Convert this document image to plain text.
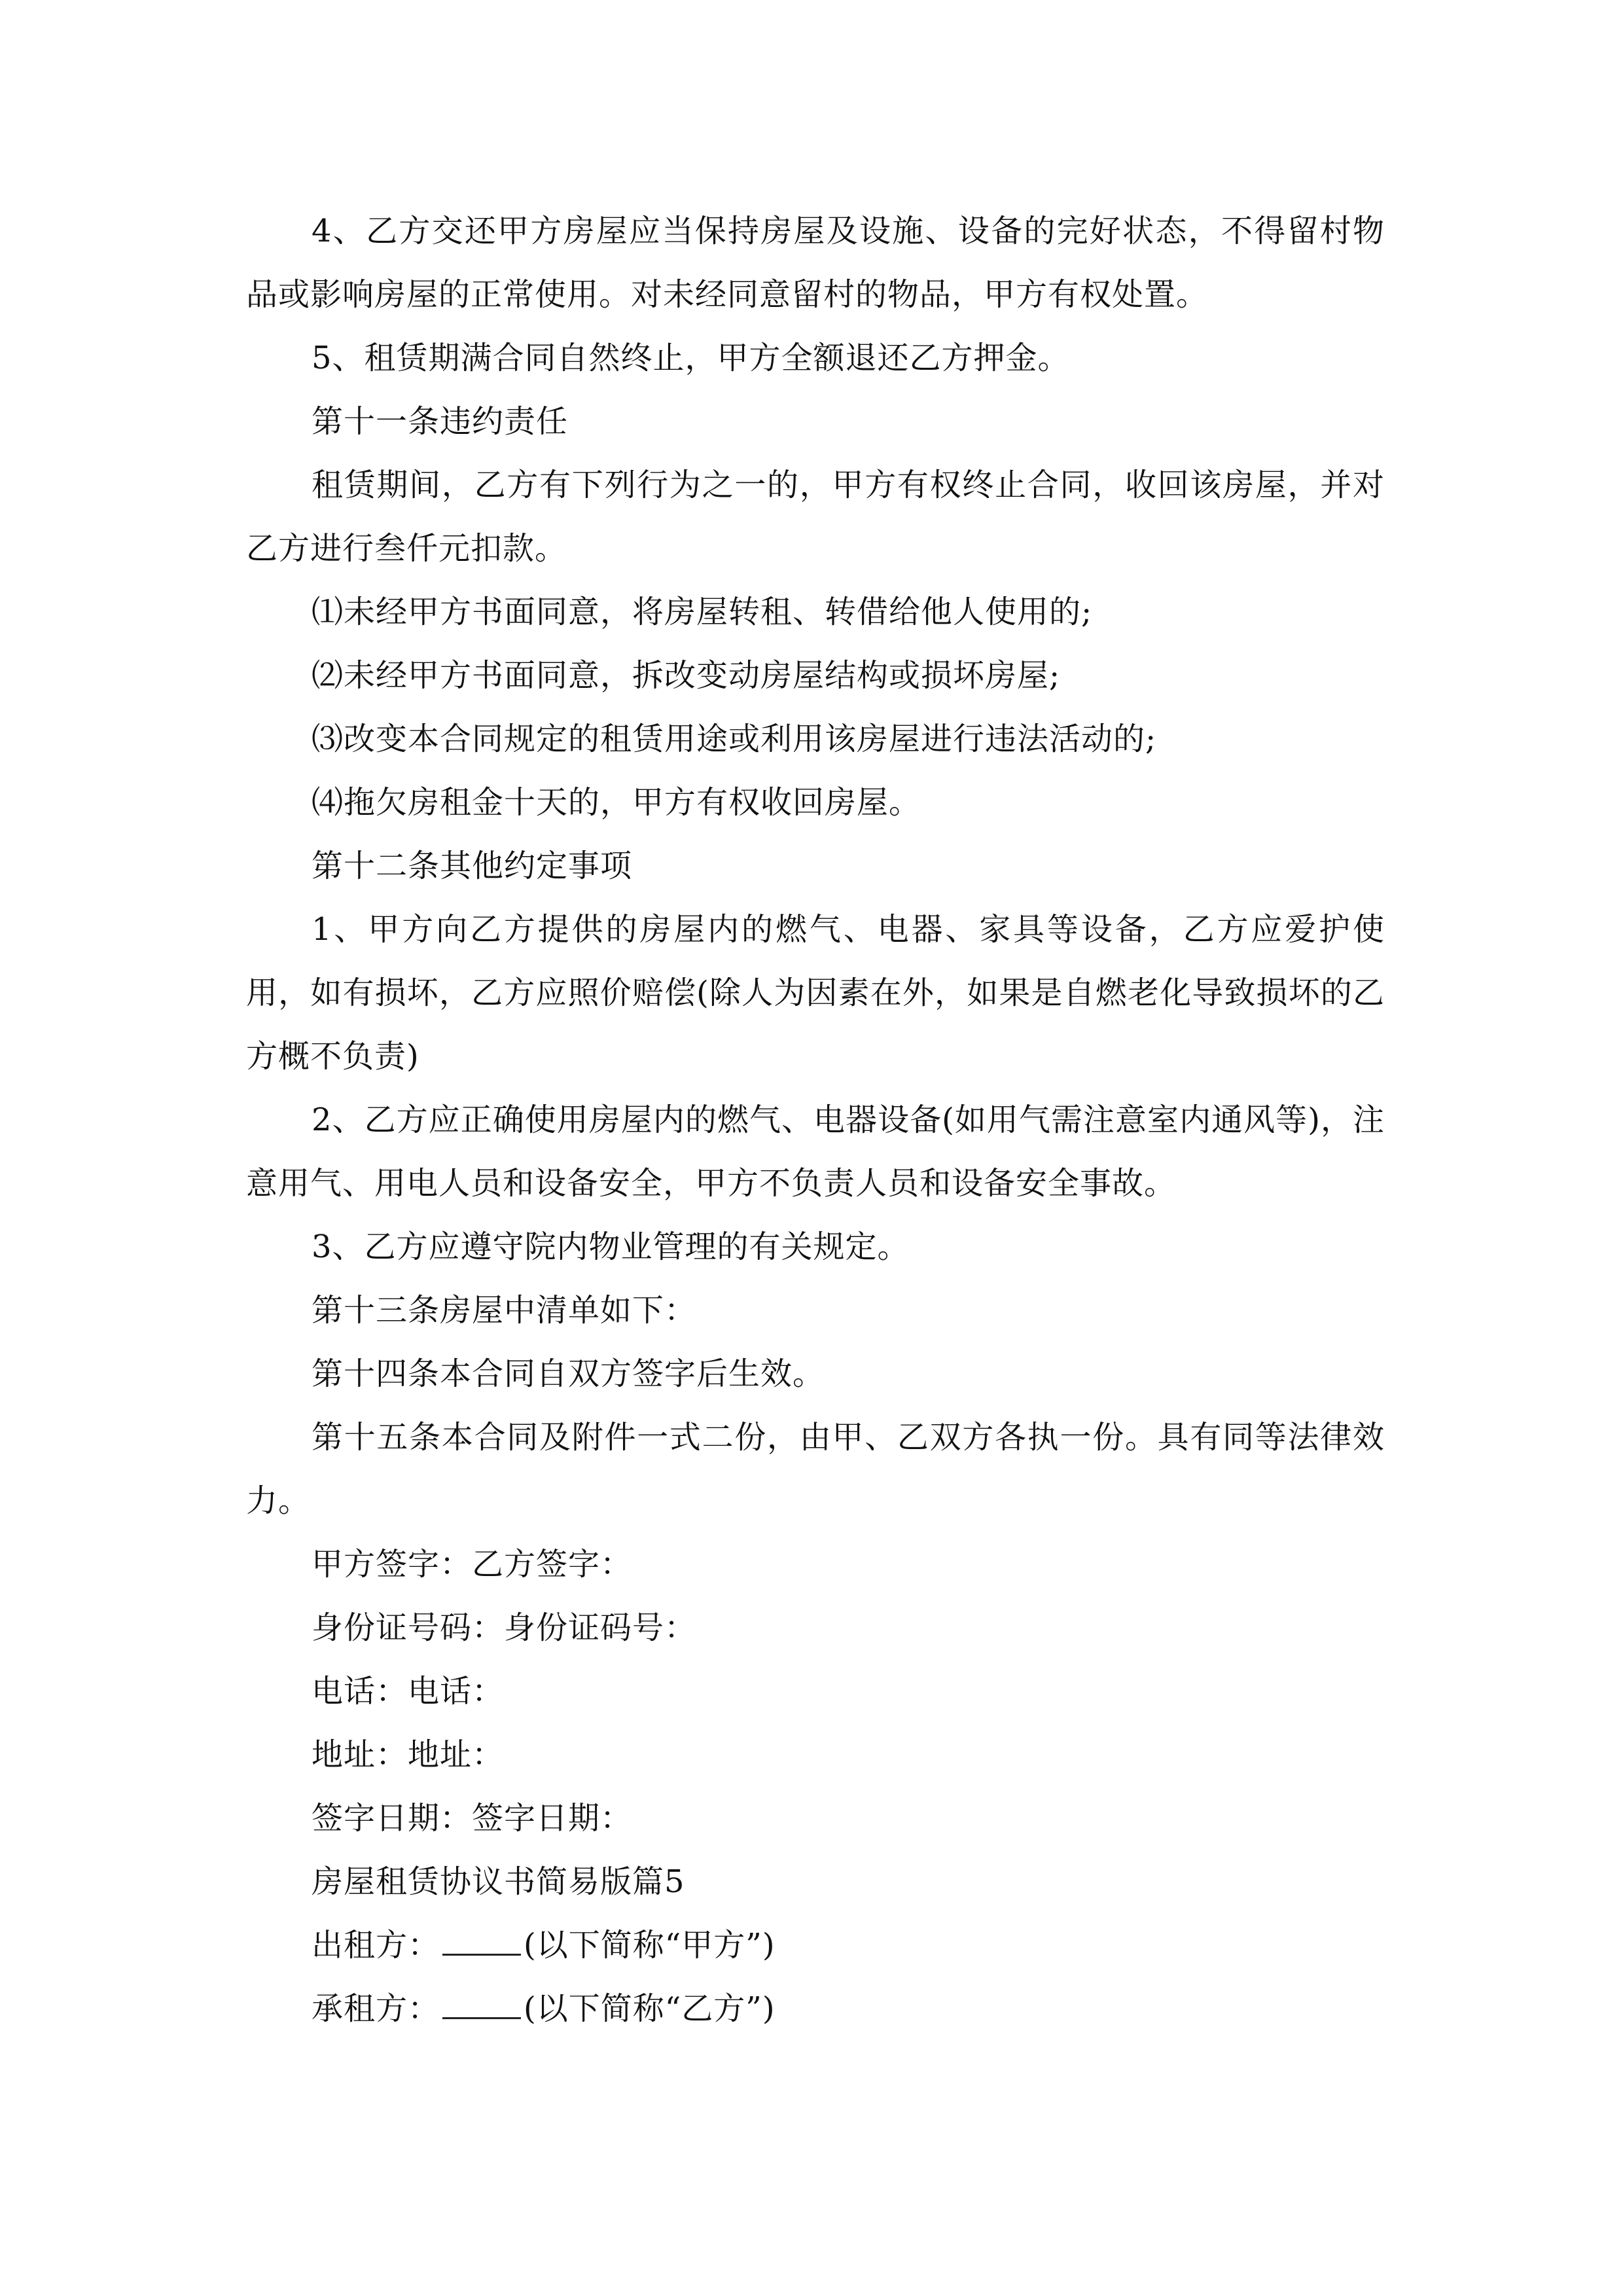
4、乙方交还甲方房屋应当保持房屋及设施、设备的完好状态，不得留村物品或影响房屋的正常使用。对未经同意留村的物品，甲方有权处置。

5、租赁期满合同自然终止，甲方全额退还乙方押金。

第十一条违约责任

租赁期间，乙方有下列行为之一的，甲方有权终止合同，收回该房屋，并对乙方进行叁仟元扣款。

⑴未经甲方书面同意，将房屋转租、转借给他人使用的;

⑵未经甲方书面同意，拆改变动房屋结构或损坏房屋;

⑶改变本合同规定的租赁用途或利用该房屋进行违法活动的;

⑷拖欠房租金十天的，甲方有权收回房屋。

第十二条其他约定事项

1、甲方向乙方提供的房屋内的燃气、电器、家具等设备，乙方应爱护使用，如有损坏，乙方应照价赔偿(除人为因素在外，如果是自燃老化导致损坏的乙方概不负责)

2、乙方应正确使用房屋内的燃气、电器设备(如用气需注意室内通风等)，注意用气、用电人员和设备安全，甲方不负责人员和设备安全事故。

3、乙方应遵守院内物业管理的有关规定。

第十三条房屋中清单如下：

第十四条本合同自双方签字后生效。

第十五条本合同及附件一式二份，由甲、乙双方各执一份。具有同等法律效力。

甲方签字：乙方签字：

身份证号码：身份证码号：

电话：电话：

地址：地址：

签字日期：签字日期：

房屋租赁协议书简易版篇5

出租方：	(以下简称“甲方”)

承租方：	(以下简称“乙方”)
